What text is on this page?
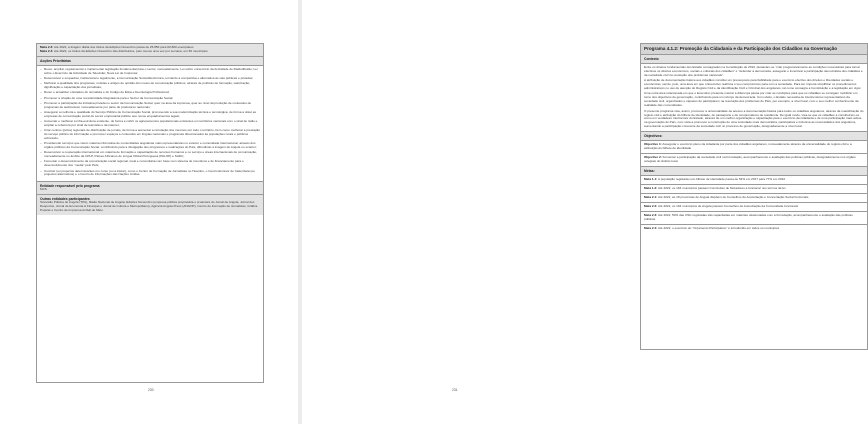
Meta 2.3: Até 2022, a tiragem diária dos títulos da Edições Novembro passa de 25.850 para 60.800 exemplares
Meta 2.4: Até 2022, os títulos da Edições Novembro são distribuídos, pelo menos uma vez por semana, em 60 municípios
Acções Prioritárias
– Rever, ampliar, regulamentar e implementar legislação fundamental para o sector, nomeadamente: Lei sobre o Exercício da Actividade de Radiodifusão; Lei sobre o Exercício da Actividade de Televisão; Nova Lei de Imprensa;
– Desenvolver e enquadrar, institucional e legalmente, a Comunicação Social Electrónica, tornando a competitiva e alternativa às vias públicas e privadas;
– Melhorar a qualidade dos programas, notícias e artigos de opinião dos meios de comunicação públicos, através de políticas de formação, valorização, dignificação e capacitação dos jornalistas;
– Rever e actualizar o Estatuto do Jornalista e do Código de Ética e Deontologia Profissional;
– Promover a criação de uma nova Entidade Reguladora para o Sector da Comunicação Social;
– Promover a participação da iniciativa privada no sector da Comunicação Social, quer na área da imprensa, quer ao nível da produção de conteúdos de programas de audiovisual, nomeadamente por parte de produtores nacionais;
– Assegurar a melhoria e qualidade do Serviço Público de Comunicação Social, promovendo a sua modernização técnica e tecnológica, de forma a dotar as empresas de comunicação social do sector empresarial público aos novos enquadramentos legais;
– Aumentar e melhorar a infra-estrutura existente, de forma a cobrir os agrupamentos populacionais existentes em territórios nacionais com o sinal de rádio e ampliar a cobertura por sinal de televisão e da internet;
– Criar centros (pólos) regionais de distribuição de jornais, de forma a aumentar a circulação dos mesmos por todo o território, bem como melhorar a prestação do serviço público de informação e promover espaços e conteúdos em línguas nacionais e programas direccionados às populações rurais e públicos sobretudo;
– Providenciar serviços que visem matéria informativa de comunidades angolanas mais representativas no exterior e comunidade internacional, através dos órgãos públicos da Comunicação Social, contribuindo para a divulgação dos progressos e realizações do País, difundindo a imagem de Angola no exterior;
– Desenvolver a cooperação internacional em matéria de formação e capacitação de recursos humanos e no serviço e áreas internacionais de comunicação, nomeadamente no âmbito da CPLP, Países Africanos de Língua Oficial Portuguesa (PALOP) e SADC;
– Fomentar o desenvolvimento da comunicação social regional, local e comunitária com base num sistema de incentivos e de financiamento para o desenvolvimento dos “media” pelo País;
– Concluir (ou projectos determinantes em curso (ou a iniciar), como o Centro de Formação de Jornalistas no Huambo, o Centro Emissor de Catumbela (ou projectos alternativos) e o Centro de Informações das Nações Unidas.
Entidade responsável pelo programa
MCS
Outras entidades participantes
Televisão Pública de Angola (TPA), Rádio Nacional de Angola, Edições Novembro (empresa pública proprietária e produtora do Jornal de Angola, Jornal dos Desportos, Jornal de Economia & Finanças e Jornal de Cultura e Metropolitano), Agência Angola Press (ANGOP), Centro de Formação de Jornalistas, Gráfica Popular e Centro de Imprensa Aníbal de Melo.
230
Programa 4.1.2: Promoção da Cidadania e da Participação dos Cidadãos na Governação
Contexto

Entre os direitos fundamentais dos Estado consagrados na Constituição de 2010, destacam-se “criar progressivamente as condições necessárias para tornar efectivos os direitos económicos, sociais e culturais dos cidadãos” e “defender a democracia, assegurar e incentivar a participação democrática dos cidadãos e da sociedade civil na resolução dos problemas nacionais”.

A atribuição de documentação básica aos cidadãos constitui um pressuposto para fiabilidade para o exercício efectivo dos direitos e liberdades sociais e económicas, sendo, pois, uma área em que o Executivo reafirma o seu compromisso para com a sociedade. Para tal, importa simplificar os procedimentos administrativos no uso de atenção do Registo Civil e da identificação Civil e Criminal dos angolanos, tal como consagra a Constituição e a legislação em vigor.

Uma outra área relacionada em que o Executivo pretende marcar a diferença passa por criar as condições para que os cidadãos se consigam mobilizar em torno dos objectivos de governação, contribuindo para um reforço da democracia. Com efeito, o Estado necessita de interlocutores representativos da sociedade civil, organizados e capazes de participarem na resolução dos problemas do País, por exemplo, a nível local, com o seu melhor conhecimento da realidade das comunidades.

O presente programa visa, assim, promover a universalidade de acesso a documentação básica para todos os cidadãos angolanos, através da massificação do registo civil e atribuição do bilhete de identidade, do passaporte e de comprovativos de residência. De igual modo, visa-se que os cidadãos a constituírem-se como um verdadeiro interlocutor do Estado, através de um melhor organização e capacitação para o exercício da cidadania e de uma participação mais activa na governação do País, com vista a promover a construção de uma sociedade mais democrática, participativa e inclusiva as necessidades dos angolanos, aumentando a participação crescente da sociedade civil no processo de governação, designadamente a nível local.

Objectivos:
Objectivo 1: Assegurar o exercício pleno da cidadania por parte dos cidadãos angolanos, nomeadamente através da universalidade do registo civil e a atribuição do bilhete de identidade
Objectivo 2: Fomentar a participação da sociedade civil na formulação, acompanhamento e avaliação das políticas públicas, designadamente nos órgãos colegiais do âmbito local
Metas:
Meta 1.1: A população registada com bilhete de identidade passa de 54% em 2017 para 77% em 2022
Meta 1.2: Até 2022, os 164 municípios passam Comissões de Moradores a funcionar nos termos da lei
Meta 2.1: Até 2022, as 18 províncias de Angola dispõem de Conselhos de Auscultação e Concertação Social funcionais
Meta 2.2: Até 2022, os 164 municípios de Angola passam Conselhos de Auscultação da Comunidade funcionais
Meta 2.3: Até 2022, 50% das OSC registadas são capacitadas em matérias relacionadas com a formulação, acompanhamento e avaliação das políticas públicas
Meta 2.4: Até 2022, o exercício do “Orçamento Participativo” é introduzido em todos os municípios
231
